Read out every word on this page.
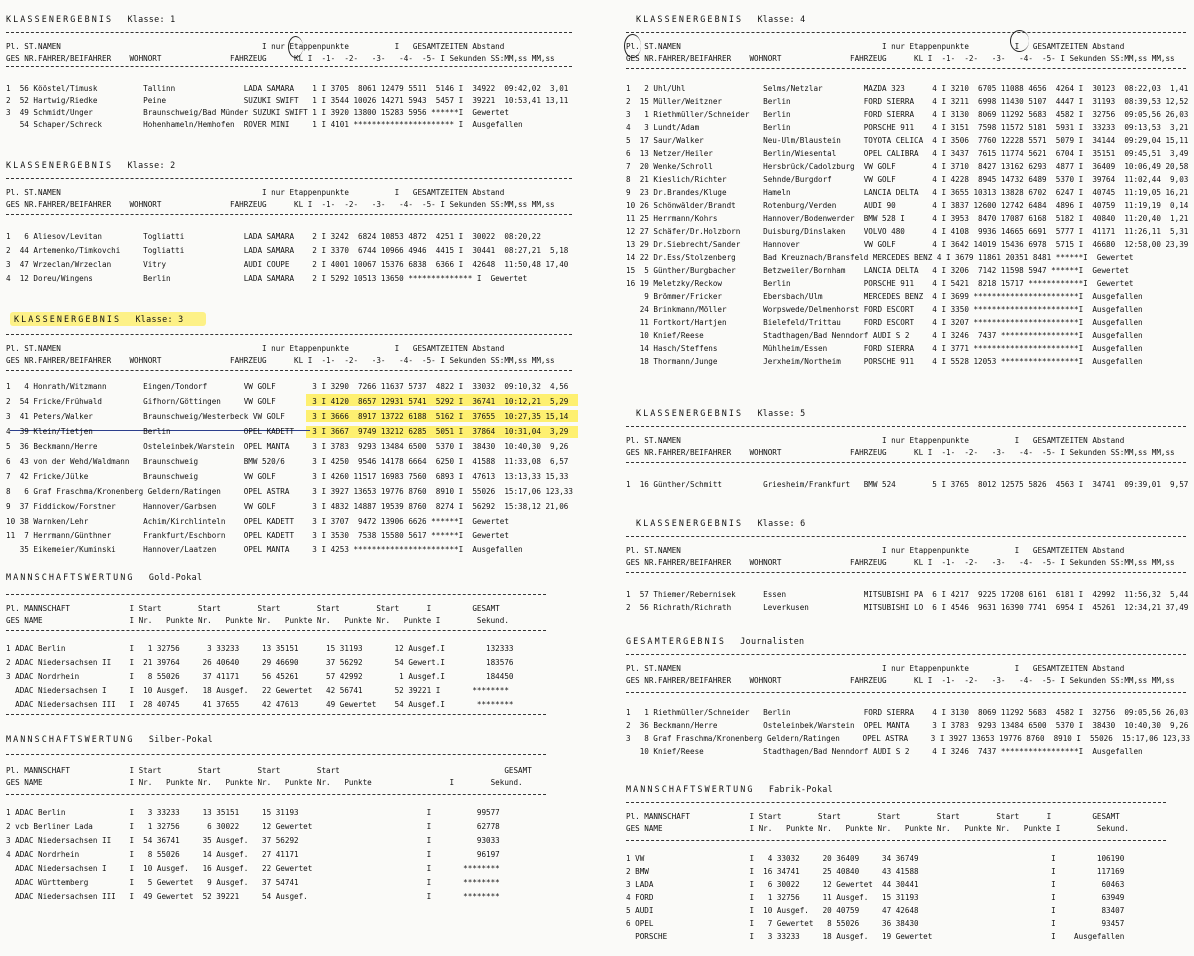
KLASSENERGEBNIS Klasse: 1
Pl. ST.NAMEN                                            I nur Etappenpunkte          I   GESAMTZEITEN Abstand
GES NR.FAHRER/BEIFAHRER    WOHNORT               FAHRZEUG      KL I  -1-  -2-   -3-   -4-  -5- I Sekunden SS:MM,ss MM,ss
1  56 Kööstel/Timusk          Tallinn               LADA SAMARA    1 I 3705  8061 12479 5511  5146 I  34922  09:42,02  3,01
2  52 Hartwig/Riedke          Peine                 SUZUKI SWIFT   1 I 3544 10026 14271 5943  5457 I  39221  10:53,41 13,11
3  49 Schmidt/Unger           Braunschweig/Bad Münder SUZUKI SWIFT 1 I 3920 13800 15283 5956 ******I  Gewertet
54 Schaper/Schreck         Hohenhameln/Hemhofen  ROVER MINI     1 I 4101 ********************** I  Ausgefallen
KLASSENERGEBNIS Klasse: 2
Pl. ST.NAMEN                                            I nur Etappenpunkte          I   GESAMTZEITEN Abstand
GES NR.FAHRER/BEIFAHRER    WOHNORT               FAHRZEUG      KL I  -1-  -2-   -3-   -4-  -5- I Sekunden SS:MM,ss MM,ss
1   6 Aliesov/Levitan         Togliatti             LADA SAMARA    2 I 3242  6824 10853 4872  4251 I  30022  08:20,22
2  44 Artemenko/Timkovchi     Togliatti             LADA SAMARA    2 I 3370  6744 10966 4946  4415 I  30441  08:27,21  5,18
3  47 Wrzeclan/Wrzeclan       Vitry                 AUDI COUPE     2 I 4001 10067 15376 6838  6366 I  42648  11:50,48 17,40
4  12 Doreu/Wingens           Berlin                LADA SAMARA    2 I 5292 10513 13650 ************** I  Gewertet
KLASSENERGEBNIS Klasse: 3
Pl. ST.NAMEN                                            I nur Etappenpunkte          I   GESAMTZEITEN Abstand
GES NR.FAHRER/BEIFAHRER    WOHNORT               FAHRZEUG      KL I  -1-  -2-   -3-   -4-  -5- I Sekunden SS:MM,ss MM,ss
1   4 Honrath/Witzmann        Eingen/Tondorf        VW GOLF        3 I 3290  7266 11637 5737  4822 I  33032  09:10,32  4,56
2  54 Fricke/Frühwald         Gifhorn/Göttingen     VW GOLF        3 I 4120  8657 12931 5741  5292 I  36741  10:12,21  5,29
3  41 Peters/Walker           Braunschweig/Westerbeck VW GOLF      3 I 3666  8917 13722 6188  5162 I  37655  10:27,35 15,14
4  39 Klein/Tietjen           Berlin                OPEL KADETT    3 I 3667  9749 13212 6285  5051 I  37864  10:31,04  3,29
5  36 Beckmann/Herre          Osteleinbek/Warstein  OPEL MANTA     3 I 3783  9293 13484 6500  5370 I  38430  10:40,30  9,26
6  43 von der Wehd/Waldmann   Braunschweig          BMW 520/6      3 I 4250  9546 14178 6664  6250 I  41588  11:33,08  6,57
7  42 Fricke/Jülke            Braunschweig          VW GOLF        3 I 4260 11517 16983 7560  6893 I  47613  13:13,33 15,33
8   6 Graf Fraschma/Kronenberg Geldern/Ratingen     OPEL ASTRA     3 I 3927 13653 19776 8760  8910 I  55026  15:17,06 123,33
9  37 Fiddickow/Forstner      Hannover/Garbsen      VW GOLF        3 I 4832 14887 19539 8760  8274 I  56292  15:38,12 21,06
10 38 Warnken/Lehr            Achim/Kirchlinteln    OPEL KADETT    3 I 3707  9472 13906 6626 ******I  Gewertet
11  7 Herrmann/Günthner       Frankfurt/Eschborn    OPEL KADETT    3 I 3530  7538 15580 5617 ******I  Gewertet
35 Eikemeier/Kuminski      Hannover/Laatzen      OPEL MANTA     3 I 4253 ***********************I  Ausgefallen
MANNSCHAFTSWERTUNG Gold-Pokal
Pl. MANNSCHAFT             I Start        Start        Start        Start        Start      I         GESAMT
GES NAME                   I Nr.   Punkte Nr.   Punkte Nr.   Punkte Nr.   Punkte Nr.   Punkte I        Sekund.
1 ADAC Berlin              I   1 32756      3 33233     13 35151      15 31193       12 Ausgef.I         132333
2 ADAC Niedersachsen II    I  21 39764     26 40640     29 46690      37 56292       54 Gewert.I         183576
3 ADAC Nordrhein           I   8 55026     37 41171     56 45261      57 42992        1 Ausgef.I         184450
ADAC Niedersachsen I     I  10 Ausgef.   18 Ausgef.   22 Gewertet   42 56741       52 39221 I       ********
ADAC Niedersachsen III   I  28 40745     41 37655     42 47613      49 Gewertet    54 Ausgef.I       ********
MANNSCHAFTSWERTUNG Silber-Pokal
Pl. MANNSCHAFT             I Start        Start        Start        Start                                    GESAMT
GES NAME                   I Nr.   Punkte Nr.   Punkte Nr.   Punkte Nr.   Punkte                 I        Sekund.
1 ADAC Berlin              I   3 33233     13 35151     15 31193                            I          99577
2 vcb Berliner Lada        I   1 32756      6 30022     12 Gewertet                         I          62778
3 ADAC Niedersachsen II    I  54 36741     35 Ausgef.   37 56292                            I          93033
4 ADAC Nordrhein           I   8 55026     14 Ausgef.   27 41171                            I          96197
ADAC Niedersachsen I     I  10 Ausgef.   16 Ausgef.   22 Gewertet                         I       ********
ADAC Württemberg         I   5 Gewertet   9 Ausgef.   37 54741                            I       ********
ADAC Niedersachsen III   I  49 Gewertet  52 39221     54 Ausgef.                          I       ********
KLASSENERGEBNIS Klasse: 4
Pl. ST.NAMEN                                            I nur Etappenpunkte          I   GESAMTZEITEN Abstand
GES NR.FAHRER/BEIFAHRER    WOHNORT               FAHRZEUG      KL I  -1-  -2-   -3-   -4-  -5- I Sekunden SS:MM,ss MM,ss
1   2 Uhl/Uhl                 Selms/Netzlar         MAZDA 323      4 I 3210  6705 11088 4656  4264 I  30123  08:22,03  1,41
2  15 Müller/Weitzner         Berlin                FORD SIERRA    4 I 3211  6998 11430 5107  4447 I  31193  08:39,53 12,52
3   1 Riethmüller/Schneider   Berlin                FORD SIERRA    4 I 3130  8069 11292 5683  4582 I  32756  09:05,56 26,03
4   3 Lundt/Adam              Berlin                PORSCHE 911    4 I 3151  7598 11572 5181  5931 I  33233  09:13,53  3,21
5  17 Saur/Walker             Neu-Ulm/Blaustein     TOYOTA CELICA  4 I 3506  7760 12228 5571  5079 I  34144  09:29,04 15,11
6  13 Netzer/Heiler           Berlin/Wiesental      OPEL CALIBRA   4 I 3437  7615 11774 5621  6704 I  35151  09:45,51  3,49
7  20 Wenke/Schroll           Hersbrück/Cadolzburg  VW GOLF        4 I 3710  8427 13162 6293  4877 I  36409  10:06,49 20,58
8  21 Kieslich/Richter        Sehnde/Burgdorf       VW GOLF        4 I 4228  8945 14732 6489  5370 I  39764  11:02,44  9,03
9  23 Dr.Brandes/Kluge        Hameln                LANCIA DELTA   4 I 3655 10313 13828 6702  6247 I  40745  11:19,05 16,21
10 26 Schönwälder/Brandt      Rotenburg/Verden      AUDI 90        4 I 3837 12600 12742 6484  4896 I  40759  11:19,19  0,14
11 25 Herrmann/Kohrs          Hannover/Bodenwerder  BMW 528 I      4 I 3953  8470 17087 6168  5182 I  40840  11:20,40  1,21
12 27 Schäfer/Dr.Holzborn     Duisburg/Dinslaken    VOLVO 480      4 I 4108  9936 14665 6691  5777 I  41171  11:26,11  5,31
13 29 Dr.Siebrecht/Sander     Hannover              VW GOLF        4 I 3642 14019 15436 6978  5715 I  46680  12:58,00 23,39
14 22 Dr.Ess/Stolzenberg      Bad Kreuznach/Bransfeld MERCEDES BENZ 4 I 3679 11861 20351 8481 ******I  Gewertet
15  5 Günther/Burgbacher      Betzweiler/Bornham    LANCIA DELTA   4 I 3206  7142 11598 5947 ******I  Gewertet
16 19 Meletzky/Reckow         Berlin                PORSCHE 911    4 I 5421  8218 15717 ************I  Gewertet
9 Brömmer/Fricker         Ebersbach/Ulm         MERCEDES BENZ  4 I 3699 ***********************I  Ausgefallen
24 Brinkmann/Möller        Worpswede/Delmenhorst FORD ESCORT    4 I 3350 ***********************I  Ausgefallen
11 Fortkort/Hartjen        Bielefeld/Trittau     FORD ESCORT    4 I 3207 ***********************I  Ausgefallen
10 Knief/Reese             Stadthagen/Bad Nenndorf AUDI S 2     4 I 3246  7437 *****************I  Ausgefallen
14 Hasch/Steffens          Mühlheim/Essen        FORD SIERRA    4 I 3771 ***********************I  Ausgefallen
18 Thormann/Junge          Jerxheim/Northeim     PORSCHE 911    4 I 5528 12053 *****************I  Ausgefallen
KLASSENERGEBNIS Klasse: 5
Pl. ST.NAMEN                                            I nur Etappenpunkte          I   GESAMTZEITEN Abstand
GES NR.FAHRER/BEIFAHRER    WOHNORT               FAHRZEUG      KL I  -1-  -2-   -3-   -4-  -5- I Sekunden SS:MM,ss MM,ss
1  16 Günther/Schmitt         Griesheim/Frankfurt   BMW 524        5 I 3765  8012 12575 5826  4563 I  34741  09:39,01  9,57
KLASSENERGEBNIS Klasse: 6
Pl. ST.NAMEN                                            I nur Etappenpunkte          I   GESAMTZEITEN Abstand
GES NR.FAHRER/BEIFAHRER    WOHNORT               FAHRZEUG      KL I  -1-  -2-   -3-   -4-  -5- I Sekunden SS:MM,ss MM,ss
1  57 Thiemer/Rebernisek      Essen                 MITSUBISHI PA  6 I 4217  9225 17208 6161  6181 I  42992  11:56,32  5,44
2  56 Richrath/Richrath       Leverkusen            MITSUBISHI LO  6 I 4546  9631 16390 7741  6954 I  45261  12:34,21 37,49
GESAMTERGEBNIS Journalisten
Pl. ST.NAMEN                                            I nur Etappenpunkte          I   GESAMTZEITEN Abstand
GES NR.FAHRER/BEIFAHRER    WOHNORT               FAHRZEUG      KL I  -1-  -2-   -3-   -4-  -5- I Sekunden SS:MM,ss MM,ss
1   1 Riethmüller/Schneider   Berlin                FORD SIERRA    4 I 3130  8069 11292 5683  4582 I  32756  09:05,56 26,03
2  36 Beckmann/Herre          Osteleinbek/Warstein  OPEL MANTA     3 I 3783  9293 13484 6500  5370 I  38430  10:40,30  9,26
3   8 Graf Fraschma/Kronenberg Geldern/Ratingen     OPEL ASTRA     3 I 3927 13653 19776 8760  8910 I  55026  15:17,06 123,33
10 Knief/Reese             Stadthagen/Bad Nenndorf AUDI S 2     4 I 3246  7437 *****************I  Ausgefallen
MANNSCHAFTSWERTUNG Fabrik-Pokal
Pl. MANNSCHAFT             I Start        Start        Start        Start        Start      I         GESAMT
GES NAME                   I Nr.   Punkte Nr.   Punkte Nr.   Punkte Nr.   Punkte Nr.   Punkte I        Sekund.
1 VW                       I   4 33032     20 36409     34 36749                             I         106190
2 BMW                      I  16 34741     25 40840     43 41588                             I         117169
3 LADA                     I   6 30022     12 Gewertet  44 30441                             I          60463
4 FORD                     I   1 32756     11 Ausgef.   15 31193                             I          63949
5 AUDI                     I  10 Ausgef.   20 40759     47 42648                             I          83407
6 OPEL                     I   7 Gewertet   8 55026     36 38430                             I          93457
PORSCHE                  I   3 33233     18 Ausgef.   19 Gewertet                          I    Ausgefallen
